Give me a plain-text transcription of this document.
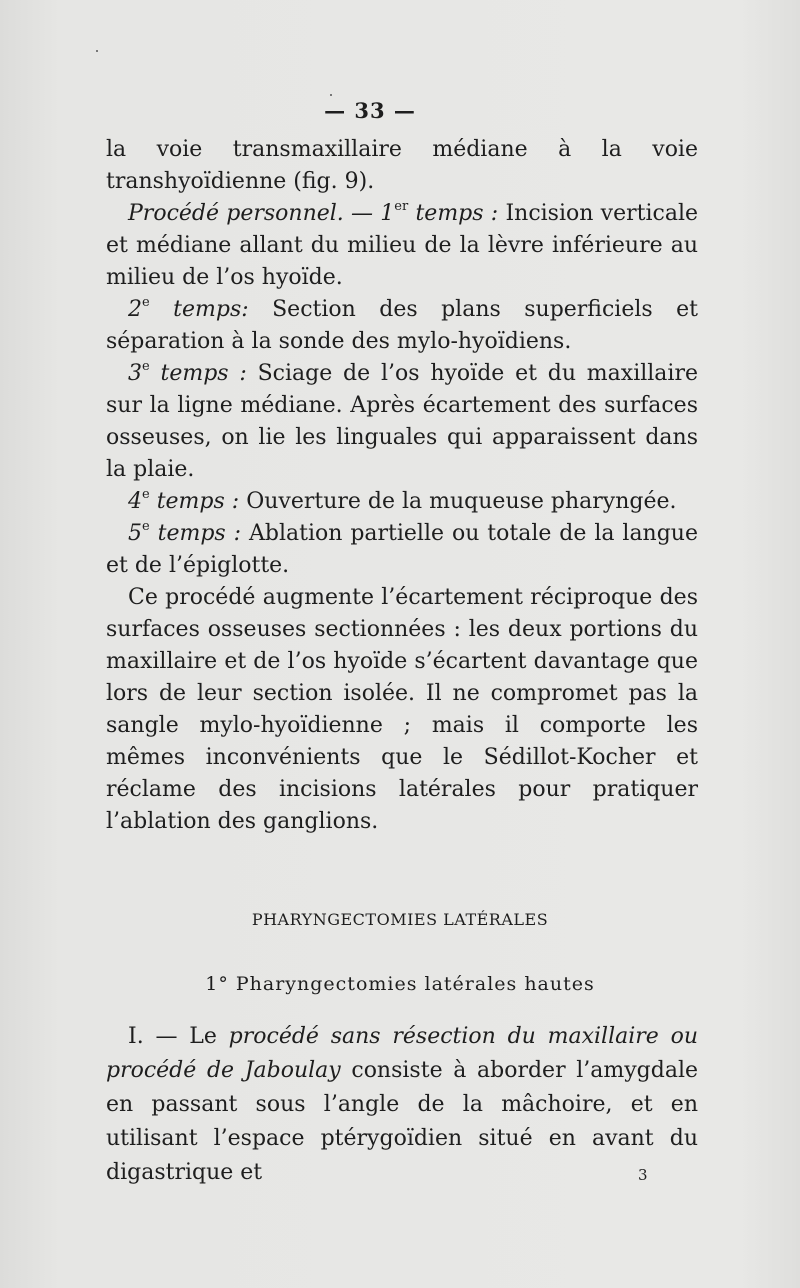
— 33 —

la voie transmaxillaire médiane à la voie transhyoïdienne (fig. 9).

Procédé personnel. — 1er temps : Incision verticale et médiane allant du milieu de la lèvre inférieure au milieu de l’os hyoïde.

2e temps: Section des plans superficiels et séparation à la sonde des mylo-hyoïdiens.

3e temps : Sciage de l’os hyoïde et du maxillaire sur la ligne médiane. Après écartement des surfaces osseuses, on lie les linguales qui apparaissent dans la plaie.

4e temps : Ouverture de la muqueuse pharyngée.

5e temps : Ablation partielle ou totale de la langue et de l’épiglotte.

Ce procédé augmente l’écartement réciproque des surfaces osseuses sectionnées : les deux portions du maxillaire et de l’os hyoïde s’écartent davantage que lors de leur section isolée. Il ne compromet pas la sangle mylo-hyoïdienne ; mais il comporte les mêmes inconvénients que le Sédillot-Kocher et réclame des incisions latérales pour pratiquer l’ablation des ganglions.

PHARYNGECTOMIES LATÉRALES
1° Pharyngectomies latérales hautes

I. — Le procédé sans résection du maxillaire ou procédé de Jaboulay consiste à aborder l’amygdale en passant sous l’angle de la mâchoire, et en utilisant l’espace ptérygoïdien situé en avant du digastrique et	3
